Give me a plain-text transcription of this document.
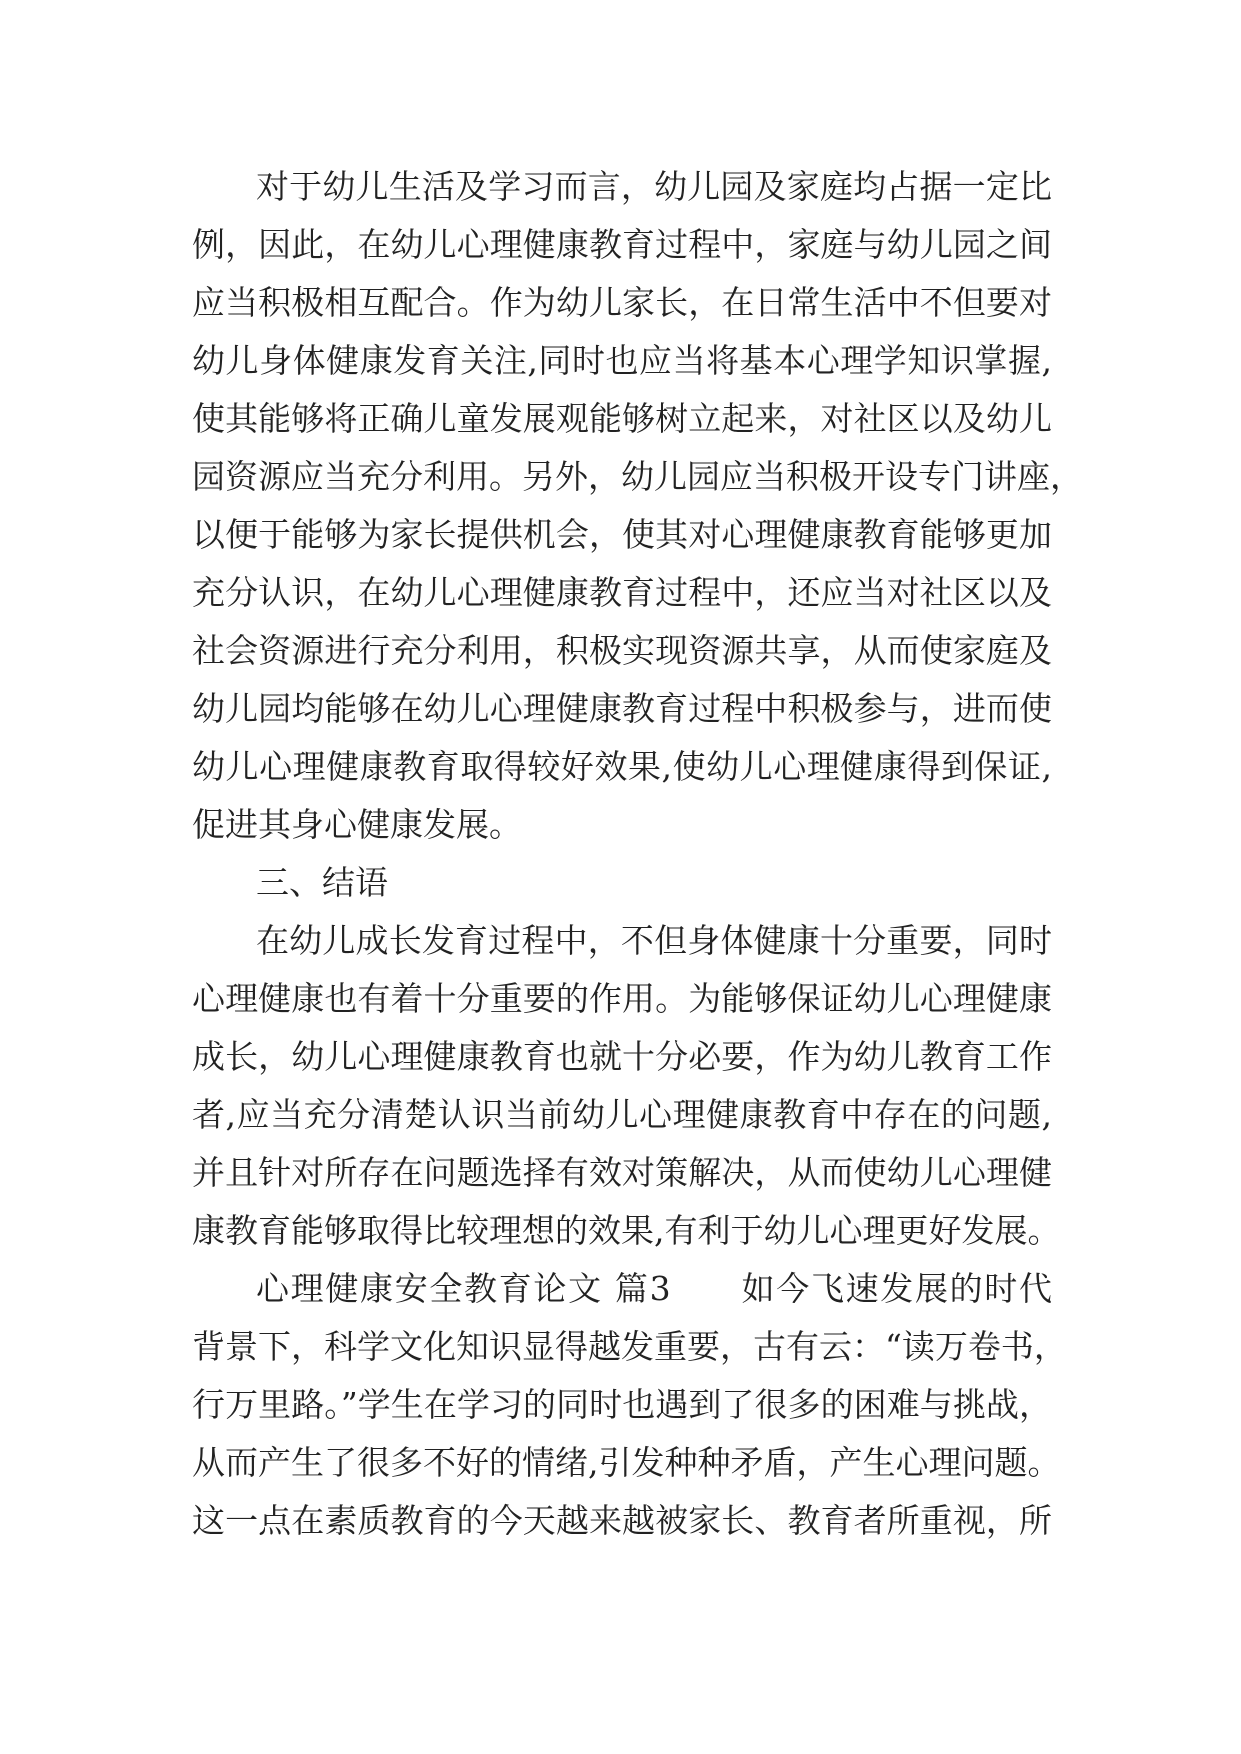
对于幼儿生活及学习而言，幼儿园及家庭均占据一定比
例，因此，在幼儿心理健康教育过程中，家庭与幼儿园之间
应当积极相互配合。作为幼儿家长，在日常生活中不但要对
幼儿身体健康发育关注,同时也应当将基本心理学知识掌握,
使其能够将正确儿童发展观能够树立起来，对社区以及幼儿
园资源应当充分利用。另外，幼儿园应当积极开设专门讲座，
以便于能够为家长提供机会，使其对心理健康教育能够更加
充分认识，在幼儿心理健康教育过程中，还应当对社区以及
社会资源进行充分利用，积极实现资源共享，从而使家庭及
幼儿园均能够在幼儿心理健康教育过程中积极参与，进而使
幼儿心理健康教育取得较好效果,使幼儿心理健康得到保证,
促进其身心健康发展。
三、结语
在幼儿成长发育过程中，不但身体健康十分重要，同时
心理健康也有着十分重要的作用。为能够保证幼儿心理健康
成长，幼儿心理健康教育也就十分必要，作为幼儿教育工作
者,应当充分清楚认识当前幼儿心理健康教育中存在的问题,
并且针对所存在问题选择有效对策解决，从而使幼儿心理健
康教育能够取得比较理想的效果,有利于幼儿心理更好发展。
心理健康安全教育论文 篇3　　如今飞速发展的时代
背景下，科学文化知识显得越发重要，古有云：“读万卷书，
行万里路。”学生在学习的同时也遇到了很多的困难与挑战，
从而产生了很多不好的情绪,引发种种矛盾，产生心理问题。
这一点在素质教育的今天越来越被家长、教育者所重视，所
